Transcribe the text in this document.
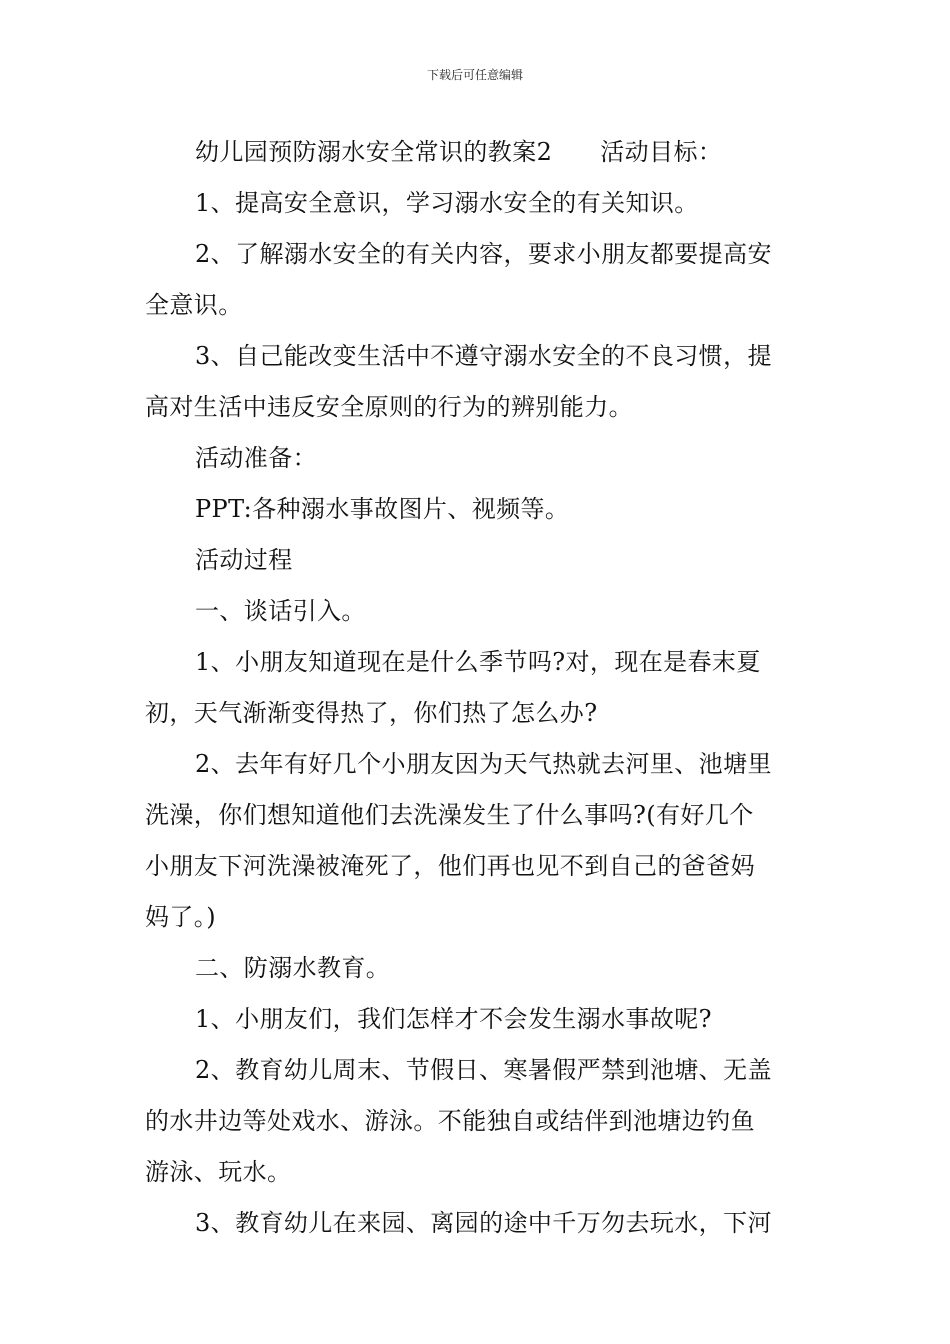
下载后可任意编辑
幼儿园预防溺水安全常识的教案2 活动目标：
1、提高安全意识，学习溺水安全的有关知识。
2、了解溺水安全的有关内容，要求小朋友都要提高安
全意识。
3、自己能改变生活中不遵守溺水安全的不良习惯，提
高对生活中违反安全原则的行为的辨别能力。
活动准备：
PPT:各种溺水事故图片、视频等。
活动过程
一、谈话引入。
1、小朋友知道现在是什么季节吗?对，现在是春末夏
初，天气渐渐变得热了，你们热了怎么办?
2、去年有好几个小朋友因为天气热就去河里、池塘里
洗澡，你们想知道他们去洗澡发生了什么事吗?(有好几个
小朋友下河洗澡被淹死了，他们再也见不到自己的爸爸妈
妈了。)
二、防溺水教育。
1、小朋友们，我们怎样才不会发生溺水事故呢?
2、教育幼儿周末、节假日、寒暑假严禁到池塘、无盖
的水井边等处戏水、游泳。不能独自或结伴到池塘边钓鱼
游泳、玩水。
3、教育幼儿在来园、离园的途中千万勿去玩水，下河
